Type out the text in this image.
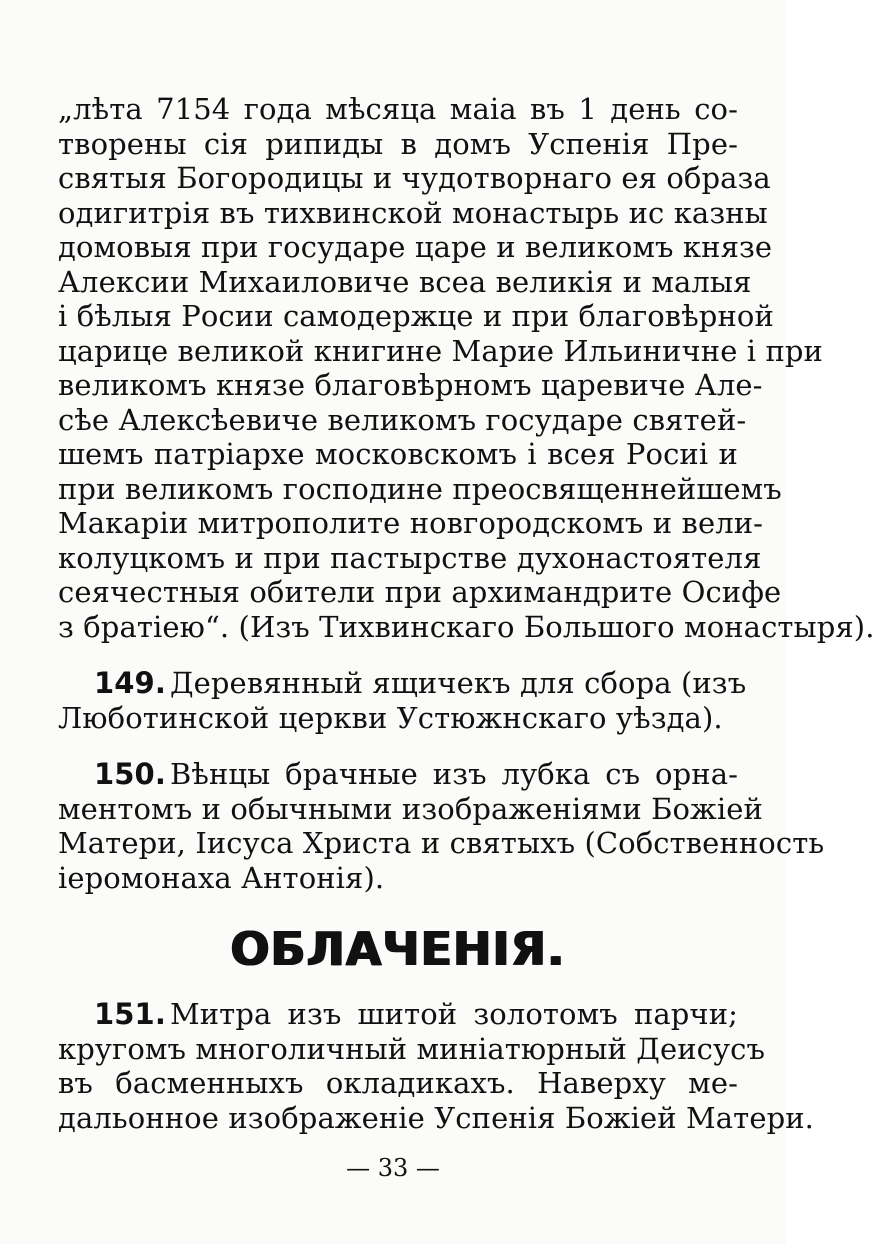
„лѣта 7154 года мѣсяца маіа въ 1 день со-
творены сія рипиды в домъ Успенія Пре-
святыя Богородицы и чудотворнаго ея образа
одигитрія въ тихвинской монастырь ис казны
домовыя при государе царе и великомъ князе
Алексии Михаиловиче всеа великія и малыя
і бѣлыя Росии самодержце и при благовѣрной
царице великой книгине Марие Ильиничне і при
великомъ князе благовѣрномъ царевиче Але-
сѣе Алексѣевиче великомъ государе святей-
шемъ патріархе московскомъ і всея Росиі и
при великомъ господине преосвященнейшемъ
Макаріи митрополите новгородскомъ и вели-
колуцкомъ и при пастырстве духонастоятеля
сеячестныя обители при архимандрите Осифе
з братіею“. (Изъ Тихвинскаго Большого монастыря).
149. Деревянный ящичекъ для сбора (изъ
Люботинской церкви Устюжнскаго уѣзда).
150. Вѣнцы брачные изъ лубка съ орна-
ментомъ и обычными изображеніями Божіей
Матери, Іисуса Христа и святыхъ (Собственность
іеромонаха Антонія).
ОБЛАЧЕНІЯ.
151. Митра изъ шитой золотомъ парчи;
кругомъ многоличный миніатюрный Деисусъ
въ басменныхъ окладикахъ. Наверху ме-
дальонное изображеніе Успенія Божіей Матери.
— 33 —
